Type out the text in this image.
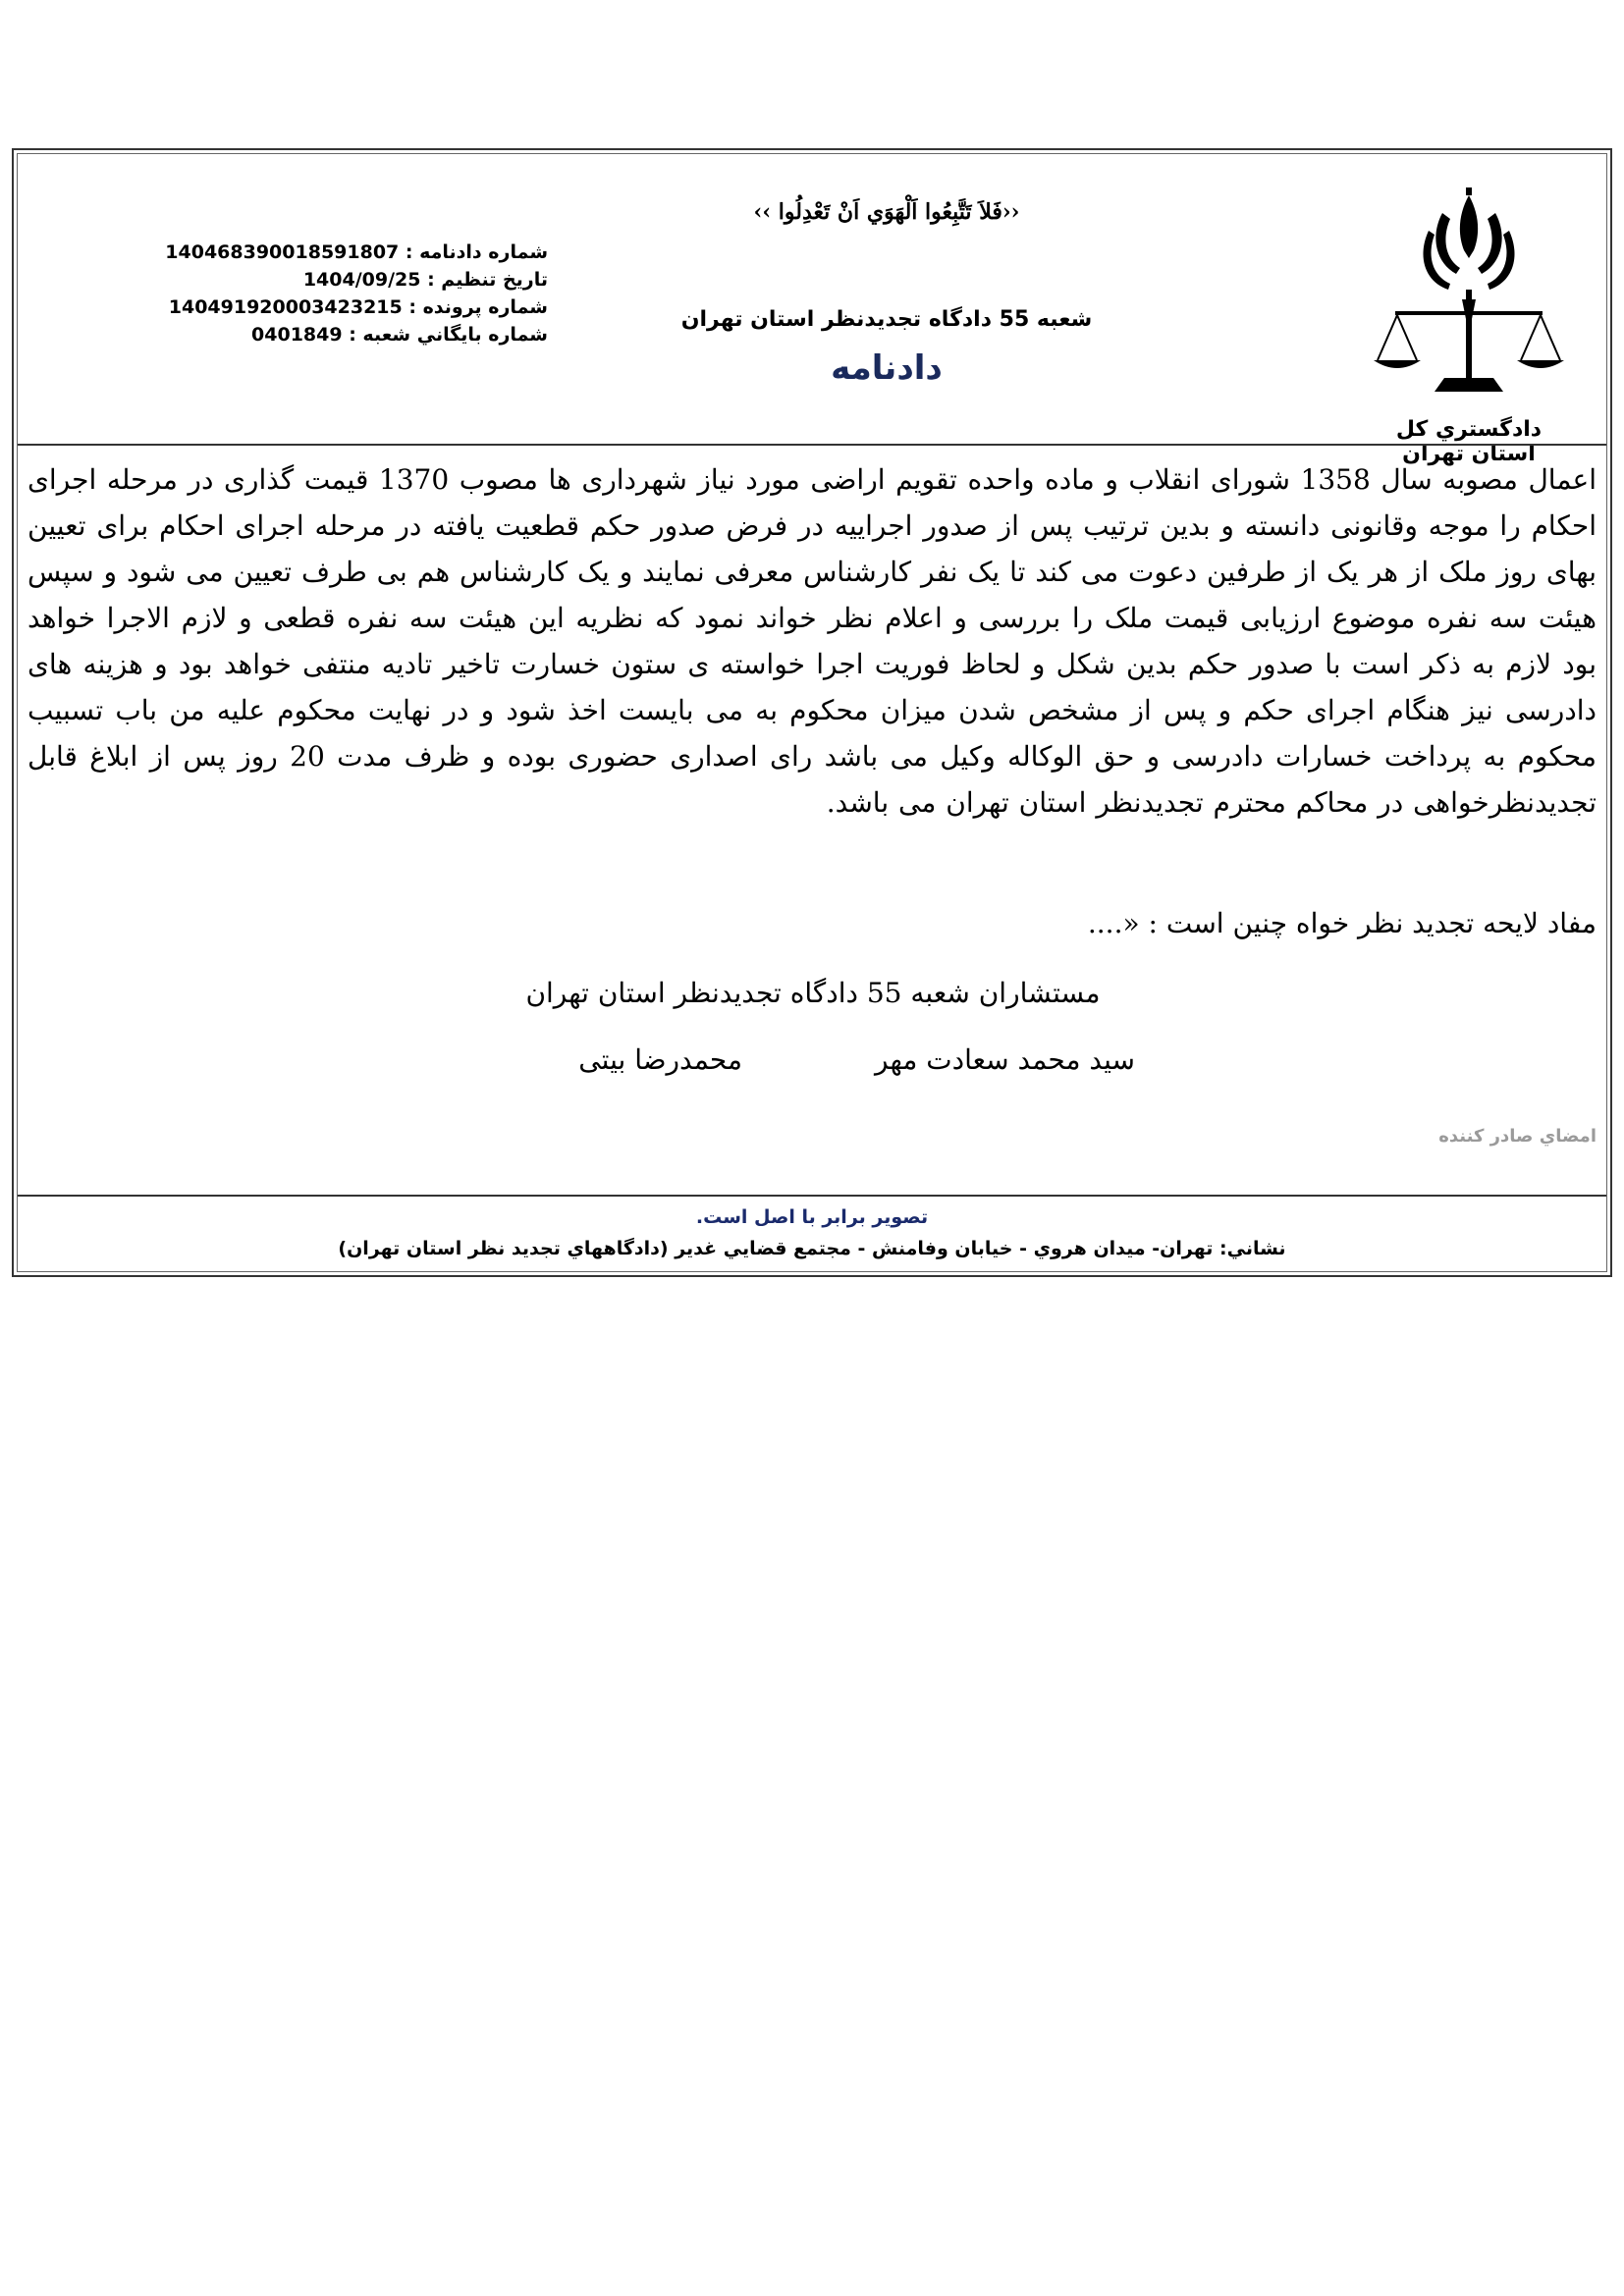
دادگستري كل استان تهران
‹‹فَلاَ تَتَّبِعُوا اَلْهَوَي اَنْ تَعْدِلُوا ››
شعبه 55 دادگاه تجدیدنظر استان تهران
دادنامه
شماره دادنامه : 140468390018591807
تاريخ تنظيم : 1404/09/25
شماره پرونده : 140491920003423215
شماره بايگاني شعبه : 0401849
اعمال مصوبه سال 1358 شورای انقلاب و ماده واحده تقویم اراضی مورد نیاز شهرداری ها مصوب 1370 قیمت گذاری در مرحله اجرای احکام را موجه وقانونی دانسته و بدین ترتیب پس از صدور اجراییه در فرض صدور حکم قطعیت یافته در مرحله اجرای احکام برای تعیین بهای روز ملک از هر یک از طرفین دعوت می کند تا یک نفر کارشناس معرفی نمایند و یک کارشناس هم بی طرف تعیین می شود و سپس هیئت سه نفره موضوع ارزیابی قیمت ملک را بررسی و اعلام نظر خواند نمود که نظریه این هیئت سه نفره قطعی و لازم الاجرا خواهد بود لازم به ذکر است با صدور حکم بدین شکل و لحاظ فوریت اجرا خواسته ی ستون خسارت تاخیر تادیه منتفی خواهد بود و هزینه های دادرسی نیز هنگام اجرای حکم و پس از مشخص شدن میزان محکوم به می بایست اخذ شود و در نهایت محکوم علیه من باب تسبیب محکوم به پرداخت خسارات دادرسی و حق الوکاله وکیل می باشد رای اصداری حضوری بوده و ظرف مدت 20 روز پس از ابلاغ قابل تجدیدنظرخواهی در محاکم محترم تجدیدنظر استان تهران می باشد.
مفاد لایحه تجدید نظر خواه چنین است : «....
مستشاران شعبه 55 دادگاه تجدیدنظر استان تهران
سید محمد سعادت مهر
محمدرضا بیتی
امضاي صادر كننده
تصوير برابر با اصل است.
نشاني: تهران- ميدان هروي - خيابان وفامنش - مجتمع قضايي غدير (دادگاههاي تجديد نظر استان تهران)
